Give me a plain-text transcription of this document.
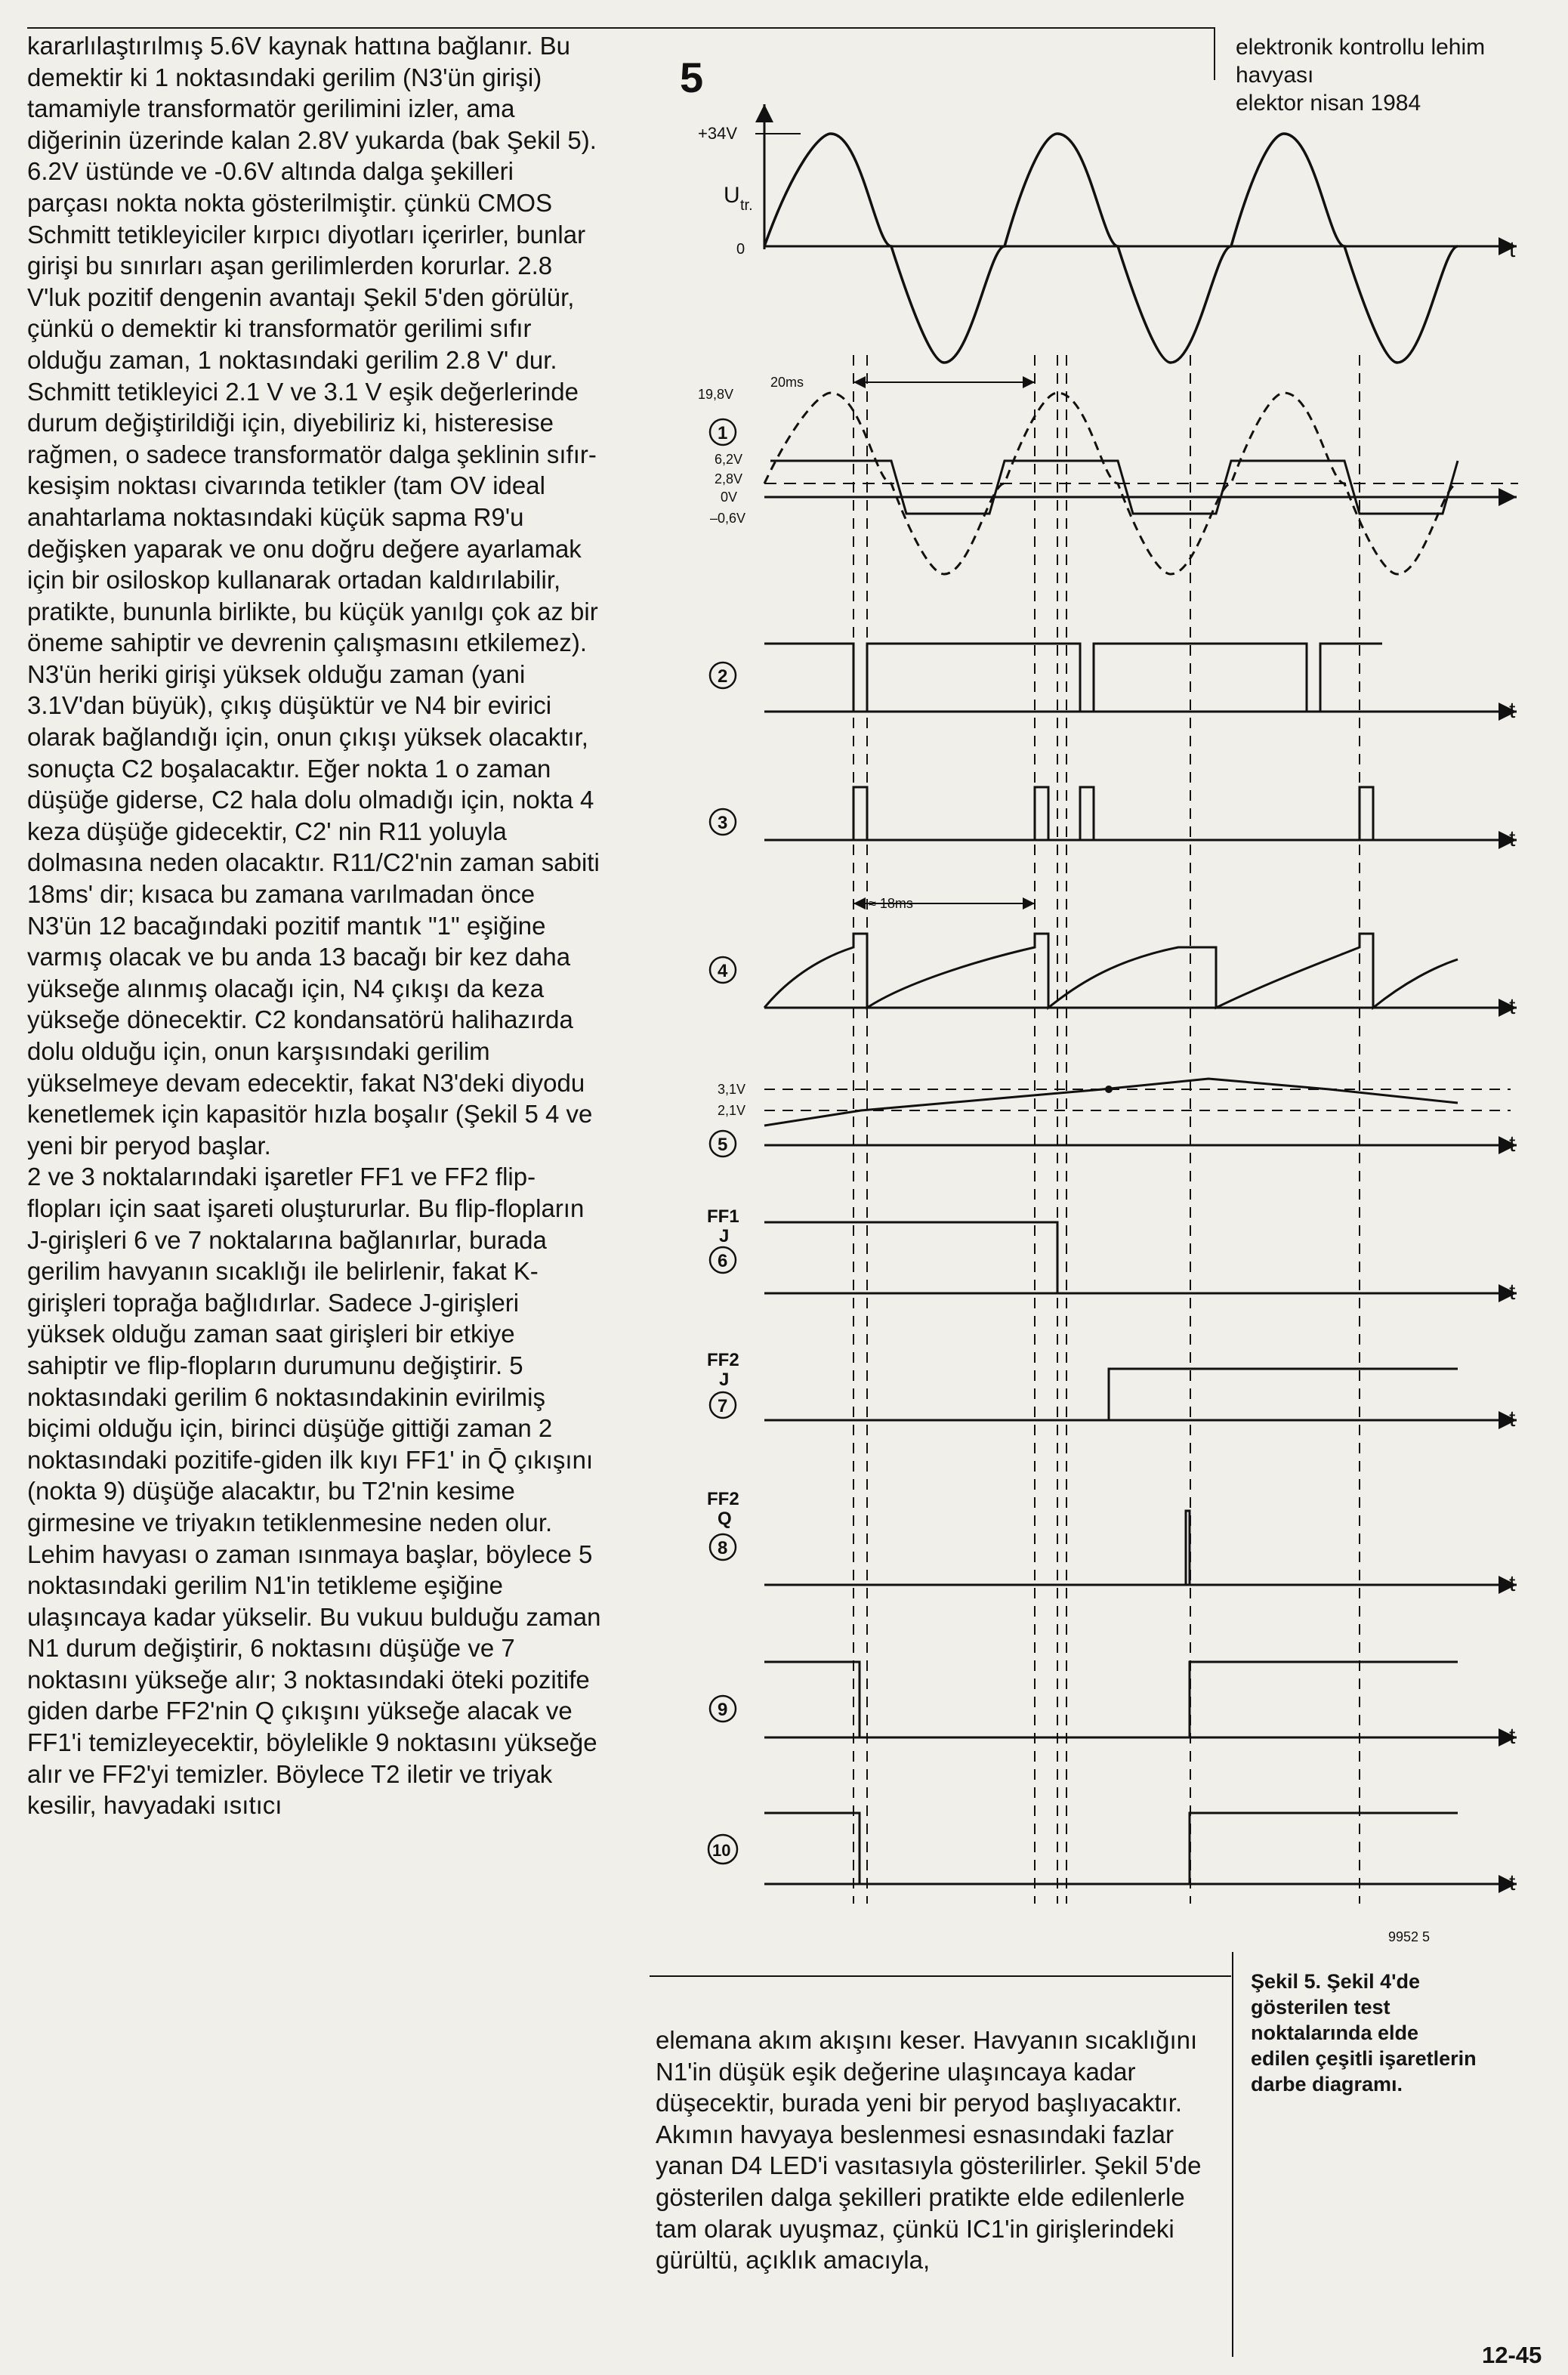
elektronik kontrollu lehim
havyası
elektor nisan 1984

kararlılaştırılmış 5.6V kaynak hattına bağlanır. Bu demektir ki 1 noktasındaki gerilim (N3'ün girişi) tamamiyle transformatör gerilimini izler, ama diğerinin üzerinde kalan 2.8V yukarda (bak Şekil 5). 6.2V üstünde ve -0.6V altında dalga şekilleri parçası nokta nokta gösterilmiştir. çünkü CMOS Schmitt tetikleyiciler kırpıcı diyotları içerirler, bunlar girişi bu sınırları aşan gerilimlerden korurlar. 2.8 V'luk pozitif dengenin avantajı Şekil 5'den görülür, çünkü o demektir ki transformatör gerilimi sıfır olduğu zaman, 1 noktasındaki gerilim 2.8 V' dur. Schmitt tetikleyici 2.1 V ve 3.1 V eşik değerlerinde durum değiştirildiği için, diyebiliriz ki, histeresise rağmen, o sadece transformatör dalga şeklinin sıfır-kesişim noktası civarında tetikler (tam OV ideal anahtarlama noktasındaki küçük sapma R9'u değişken yaparak ve onu doğru değere ayarlamak için bir osiloskop kullanarak ortadan kaldırılabilir, pratikte, bununla birlikte, bu küçük yanılgı çok az bir öneme sahiptir ve devrenin çalışmasını etkilemez).

N3'ün heriki girişi yüksek olduğu zaman (yani 3.1V'dan büyük), çıkış düşüktür ve N4 bir evirici olarak bağlandığı için, onun çıkışı yüksek olacaktır, sonuçta C2 boşalacaktır. Eğer nokta 1 o zaman düşüğe giderse, C2 hala dolu olmadığı için, nokta 4 keza düşüğe gidecektir, C2' nin R11 yoluyla dolmasına neden olacaktır. R11/C2'nin zaman sabiti 18ms' dir; kısaca bu zamana varılmadan önce N3'ün 12 bacağındaki pozitif mantık "1" eşiğine varmış olacak ve bu anda 13 bacağı bir kez daha yükseğe alınmış olacağı için, N4 çıkışı da keza yükseğe dönecektir. C2 kondansatörü halihazırda dolu olduğu için, onun karşısındaki gerilim yükselmeye devam edecektir, fakat N3'deki diyodu kenetlemek için kapasitör hızla boşalır (Şekil 5 4 ve yeni bir peryod başlar.

2 ve 3 noktalarındaki işaretler FF1 ve FF2 flip-flopları için saat işareti oluştururlar. Bu flip-flopların J-girişleri 6 ve 7 noktalarına bağlanırlar, burada gerilim havyanın sıcaklığı ile belirlenir, fakat K-girişleri toprağa bağlıdırlar. Sadece J-girişleri yüksek olduğu zaman saat girişleri bir etkiye sahiptir ve flip-flopların durumunu değiştirir. 5 noktasındaki gerilim 6 noktasındakinin evirilmiş biçimi olduğu için, birinci düşüğe gittiği zaman 2 noktasındaki pozitife-giden ilk kıyı FF1' in Q̄ çıkışını (nokta 9) düşüğe alacaktır, bu T2'nin kesime girmesine ve triyakın tetiklenmesine neden olur. Lehim havyası o zaman ısınmaya başlar, böylece 5 noktasındaki gerilim N1'in tetikleme eşiğine ulaşıncaya kadar yükselir. Bu vukuu bulduğu zaman N1 durum değiştirir, 6 noktasını düşüğe ve 7 noktasını yükseğe alır; 3 noktasındaki öteki pozitife giden darbe FF2'nin Q çıkışını yükseğe alacak ve FF1'i temizleyecektir, böylelikle 9 noktasını yükseğe alır ve FF2'yi temizler. Böylece T2 iletir ve triyak kesilir, havyadaki ısıtıcı

5
+34V
U tr.
0
20ms
t
t
t
t
t
t
t
t
t
t
19,8V
6,2V
2,8V
0V
–0,6V
≈ 18ms
3,1V
2,1V
1
2
3
4
5
FF1
J
6
FF2
J
7
FF2
Q
8
9
10
9952 5
Şekil 5. Şekil 4'de
gösterilen test
noktalarında elde
edilen çeşitli işaretlerin
darbe diagramı.

elemana akım akışını keser. Havyanın sıcaklığını N1'in düşük eşik değerine ulaşıncaya kadar düşecektir, burada yeni bir peryod başlıyacaktır.

Akımın havyaya beslenmesi esnasındaki fazlar yanan D4 LED'i vasıtasıyla gösterilirler. Şekil 5'de gösterilen dalga şekilleri pratikte elde edilenlerle tam olarak uyuşmaz, çünkü IC1'in girişlerindeki gürültü, açıklık amacıyla,

12-45
